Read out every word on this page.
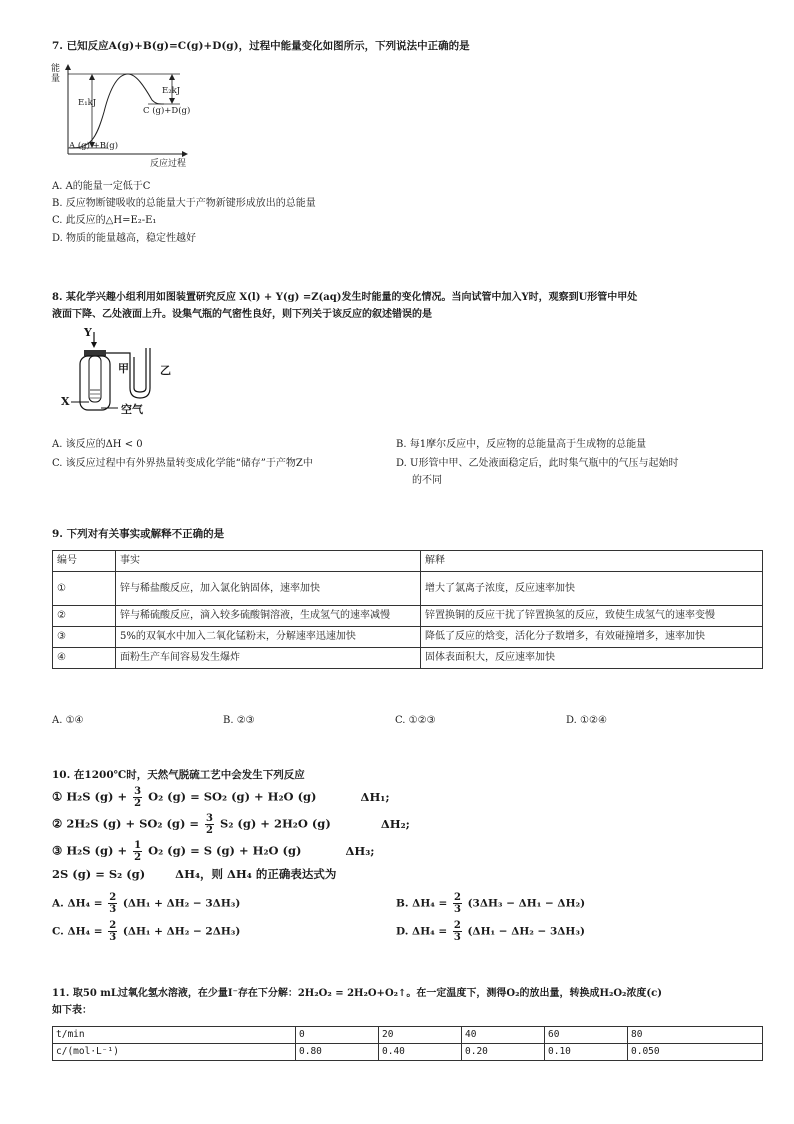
7. 已知反应A(g)+B(g)=C(g)+D(g)，过程中能量变化如图所示，下列说法中正确的是
能量
E₁kJ
E₂kJ
C (g)+D(g)
A (g) +B(g)
反应过程
A. A的能量一定低于C
B. 反应物断键吸收的总能量大于产物新键形成放出的总能量
C. 此反应的△H=E₂-E₁
D. 物质的能量越高，稳定性越好
8. 某化学兴趣小组利用如图装置研究反应 X(l) + Y(g) =Z(aq)发生时能量的变化情况。当向试管中加入Y时，观察到U形管中甲处
液面下降、乙处液面上升。设集气瓶的气密性良好，则下列关于该反应的叙述错误的是
Y
甲	乙
X
空气
A. 该反应的ΔH < 0	B. 每1摩尔反应中，反应物的总能量高于生成物的总能量
C. 该反应过程中有外界热量转变成化学能“储存”于产物Z中	D. U形管中甲、乙处液面稳定后，此时集气瓶中的气压与起始时
的不同
9. 下列对有关事实或解释不正确的是
编号	事实	解释
①	锌与稀盐酸反应，加入氯化钠固体，速率加快	增大了氯离子浓度，反应速率加快
②	锌与稀硫酸反应，滴入较多硫酸铜溶液，生成氢气的速率减慢	锌置换铜的反应干扰了锌置换氢的反应，致使生成氢气的速率变慢
③	5%的双氧水中加入二氧化锰粉末，分解速率迅速加快	降低了反应的焓变，活化分子数增多，有效碰撞增多，速率加快
④	面粉生产车间容易发生爆炸	固体表面积大，反应速率加快
A. ①④	B. ②③	C. ①②③	D. ①②④
10. 在1200℃时，天然气脱硫工艺中会发生下列反应
① H₂S $(g) + \frac{3}{2} O_2$ (g) = SO₂ (g) + H₂O (g)	ΔH₁;
② 2H₂S (g) + SO₂ $(g) = \frac{3}{2} S_2$ (g) + 2H₂O (g)	ΔH₂;
③ H₂S $(g) + \frac{1}{2} O_2$ (g) = S (g) + H₂O (g)	ΔH₃;
2S (g) = S₂ (g)	ΔH₄，则 ΔH₄ 的正确表达式为
A. $\Delta H_4 = \frac{2}{3} (\Delta H_1 + \Delta H_2 - 3\Delta H_3)$	B. $\Delta H_4 = \frac{2}{3} (3\Delta H_3 - \Delta H_1 - \Delta H_2)$
C. $\Delta H_4 = \frac{2}{3} (\Delta H_1 + \Delta H_2 - 2\Delta H_3)$	D. $\Delta H_4 = \frac{2}{3} (\Delta H_1 - \Delta H_2 - 3\Delta H_3)$
11. 取50 mL过氧化氢水溶液，在少量I⁻存在下分解：2H₂O₂ = 2H₂O+O₂↑。在一定温度下，测得O₂的放出量，转换成H₂O₂浓度(c)
如下表：
t/min	0	20	40	60	80
c/(mol·L⁻¹)	0.80	0.40	0.20	0.10	0.050
